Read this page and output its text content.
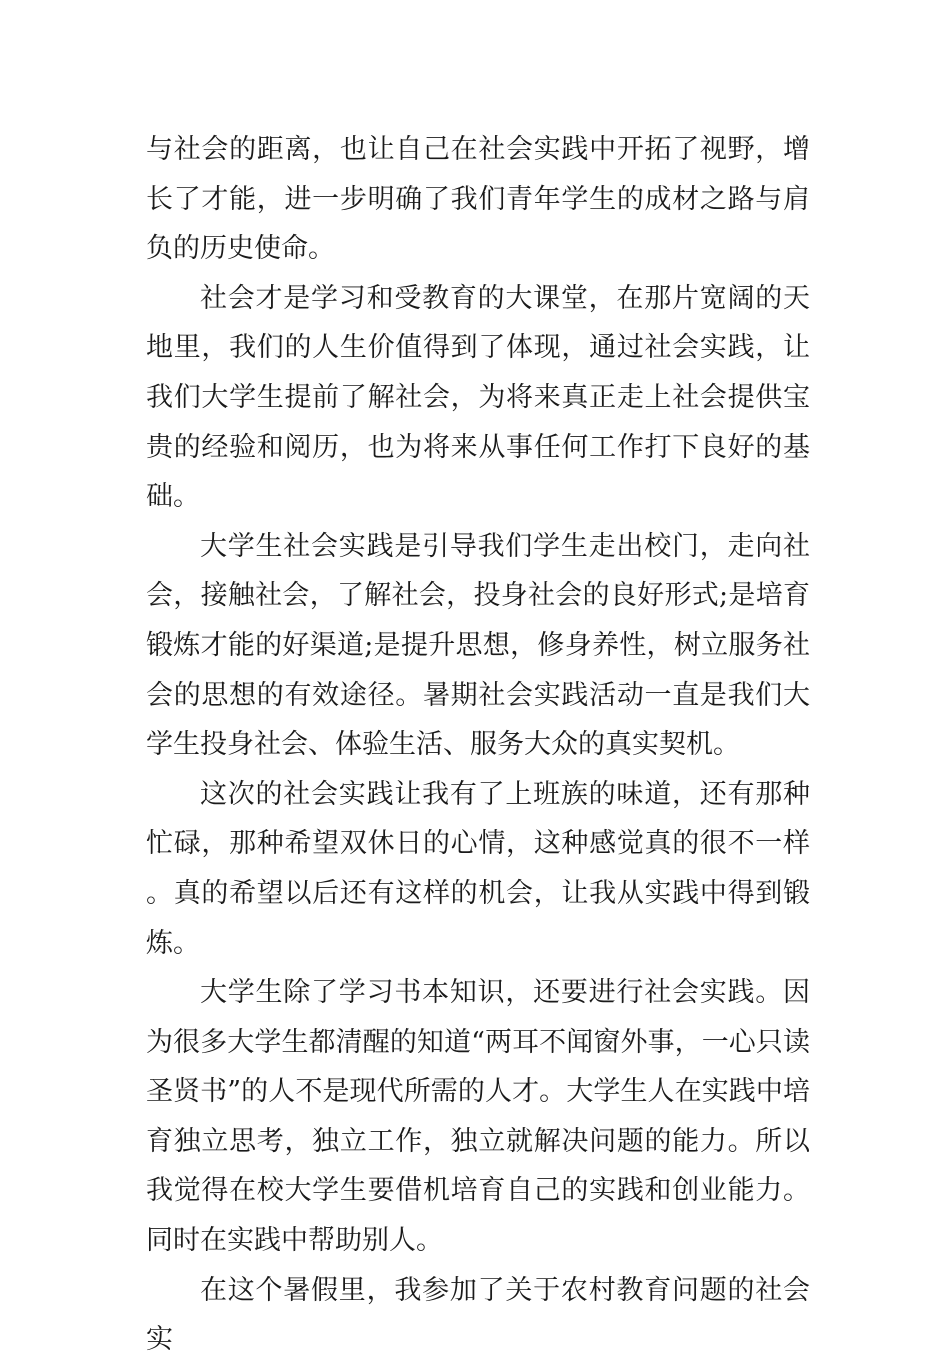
与社会的距离，也让自己在社会实践中开拓了视野，增长了才能，进一步明确了我们青年学生的成材之路与肩负的历史使命。

社会才是学习和受教育的大课堂，在那片宽阔的天地里，我们的人生价值得到了体现，通过社会实践，让我们大学生提前了解社会，为将来真正走上社会提供宝贵的经验和阅历，也为将来从事任何工作打下良好的基础。

大学生社会实践是引导我们学生走出校门，走向社会，接触社会，了解社会，投身社会的良好形式;是培育锻炼才能的好渠道;是提升思想，修身养性，树立服务社会的思想的有效途径。暑期社会实践活动一直是我们大学生投身社会、体验生活、服务大众的真实契机。

这次的社会实践让我有了上班族的味道，还有那种忙碌，那种希望双休日的心情，这种感觉真的很不一样。真的希望以后还有这样的机会，让我从实践中得到锻炼。

大学生除了学习书本知识，还要进行社会实践。因为很多大学生都清醒的知道“两耳不闻窗外事，一心只读圣贤书”的人不是现代所需的人才。大学生人在实践中培育独立思考，独立工作，独立就解决问题的能力。所以我觉得在校大学生要借机培育自己的实践和创业能力。同时在实践中帮助别人。

在这个暑假里，我参加了关于农村教育问题的社会实
